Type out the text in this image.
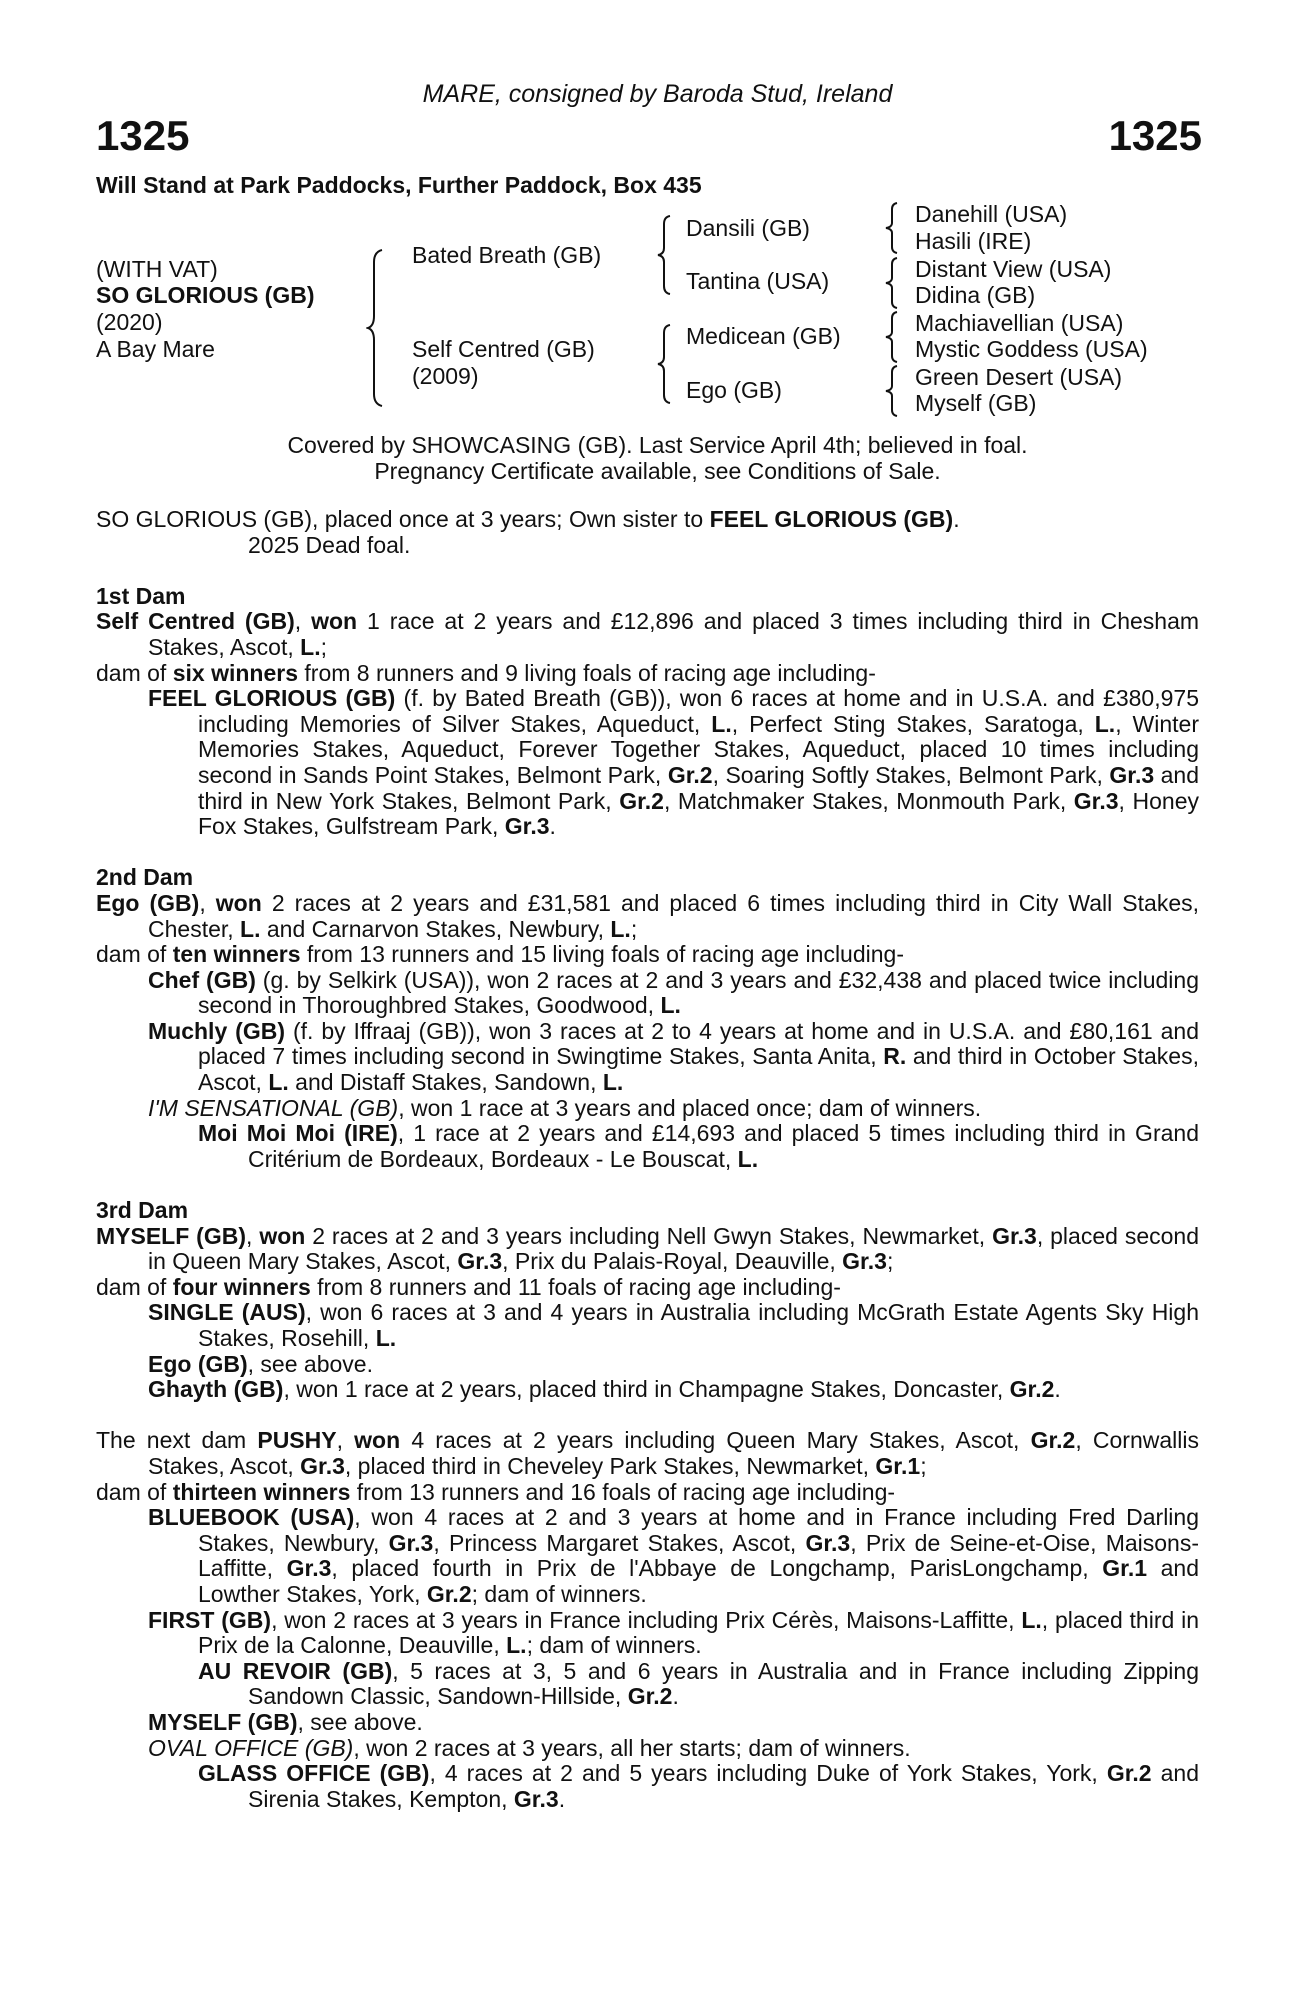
MARE, consigned by Baroda Stud, Ireland
1325	1325
Will Stand at Park Paddocks, Further Paddock, Box 435
(WITH VAT)
SO GLORIOUS (GB)
(2020)
A Bay Mare
Bated Breath (GB)
Self Centred (GB)
(2009)
Dansili (GB)
Tantina (USA)
Medicean (GB)
Ego (GB)
Danehill (USA)
Hasili (IRE)
Distant View (USA)
Didina (GB)
Machiavellian (USA)
Mystic Goddess (USA)
Green Desert (USA)
Myself (GB)
Covered by SHOWCASING (GB). Last Service April 4th; believed in foal.
Pregnancy Certificate available, see Conditions of Sale.
SO GLORIOUS (GB), placed once at 3 years; Own sister to FEEL GLORIOUS (GB).
2025 Dead foal.
1st Dam
Self Centred (GB), won 1 race at 2 years and £12,896 and placed 3 times including third in Chesham Stakes, Ascot, L.;
dam of six winners from 8 runners and 9 living foals of racing age including-
FEEL GLORIOUS (GB) (f. by Bated Breath (GB)), won 6 races at home and in U.S.A. and £380,975 including Memories of Silver Stakes, Aqueduct, L., Perfect Sting Stakes, Saratoga, L., Winter Memories Stakes, Aqueduct, Forever Together Stakes, Aqueduct, placed 10 times including second in Sands Point Stakes, Belmont Park, Gr.2, Soaring Softly Stakes, Belmont Park, Gr.3 and third in New York Stakes, Belmont Park, Gr.2, Matchmaker Stakes, Monmouth Park, Gr.3, Honey Fox Stakes, Gulfstream Park, Gr.3.
2nd Dam
Ego (GB), won 2 races at 2 years and £31,581 and placed 6 times including third in City Wall Stakes, Chester, L. and Carnarvon Stakes, Newbury, L.;
dam of ten winners from 13 runners and 15 living foals of racing age including-
Chef (GB) (g. by Selkirk (USA)), won 2 races at 2 and 3 years and £32,438 and placed twice including second in Thoroughbred Stakes, Goodwood, L.
Muchly (GB) (f. by Iffraaj (GB)), won 3 races at 2 to 4 years at home and in U.S.A. and £80,161 and placed 7 times including second in Swingtime Stakes, Santa Anita, R. and third in October Stakes, Ascot, L. and Distaff Stakes, Sandown, L.
I'M SENSATIONAL (GB), won 1 race at 3 years and placed once; dam of winners.
Moi Moi Moi (IRE), 1 race at 2 years and £14,693 and placed 5 times including third in Grand Critérium de Bordeaux, Bordeaux - Le Bouscat, L.
3rd Dam
MYSELF (GB), won 2 races at 2 and 3 years including Nell Gwyn Stakes, Newmarket, Gr.3, placed second in Queen Mary Stakes, Ascot, Gr.3, Prix du Palais-Royal, Deauville, Gr.3;
dam of four winners from 8 runners and 11 foals of racing age including-
SINGLE (AUS), won 6 races at 3 and 4 years in Australia including McGrath Estate Agents Sky High Stakes, Rosehill, L.
Ego (GB), see above.
Ghayth (GB), won 1 race at 2 years, placed third in Champagne Stakes, Doncaster, Gr.2.
The next dam PUSHY, won 4 races at 2 years including Queen Mary Stakes, Ascot, Gr.2, Cornwallis Stakes, Ascot, Gr.3, placed third in Cheveley Park Stakes, Newmarket, Gr.1;
dam of thirteen winners from 13 runners and 16 foals of racing age including-
BLUEBOOK (USA), won 4 races at 2 and 3 years at home and in France including Fred Darling Stakes, Newbury, Gr.3, Princess Margaret Stakes, Ascot, Gr.3, Prix de Seine-et-Oise, Maisons-Laffitte, Gr.3, placed fourth in Prix de l'Abbaye de Longchamp, ParisLongchamp, Gr.1 and Lowther Stakes, York, Gr.2; dam of winners.
FIRST (GB), won 2 races at 3 years in France including Prix Cérès, Maisons-Laffitte, L., placed third in Prix de la Calonne, Deauville, L.; dam of winners.
AU REVOIR (GB), 5 races at 3, 5 and 6 years in Australia and in France including Zipping Sandown Classic, Sandown-Hillside, Gr.2.
MYSELF (GB), see above.
OVAL OFFICE (GB), won 2 races at 3 years, all her starts; dam of winners.
GLASS OFFICE (GB), 4 races at 2 and 5 years including Duke of York Stakes, York, Gr.2 and Sirenia Stakes, Kempton, Gr.3.
